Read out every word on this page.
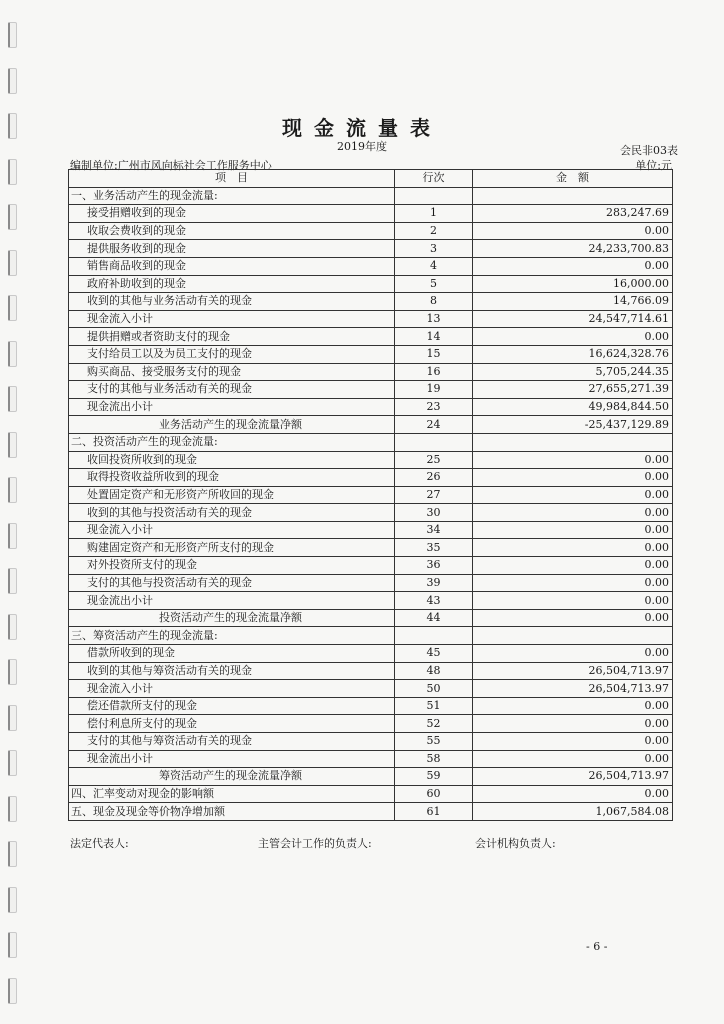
现金流量表
2019年度	会民非03表
编制单位:广州市风向标社会工作服务中心	单位:元
项　目	行次	金　额
一、业务活动产生的现金流量:		
接受捐赠收到的现金	1	283,247.69
收取会费收到的现金	2	0.00
提供服务收到的现金	3	24,233,700.83
销售商品收到的现金	4	0.00
政府补助收到的现金	5	16,000.00
收到的其他与业务活动有关的现金	8	14,766.09
现金流入小计	13	24,547,714.61
提供捐赠或者资助支付的现金	14	0.00
支付给员工以及为员工支付的现金	15	16,624,328.76
购买商品、接受服务支付的现金	16	5,705,244.35
支付的其他与业务活动有关的现金	19	27,655,271.39
现金流出小计	23	49,984,844.50
业务活动产生的现金流量净额	24	-25,437,129.89
二、投资活动产生的现金流量:		
收回投资所收到的现金	25	0.00
取得投资收益所收到的现金	26	0.00
处置固定资产和无形资产所收回的现金	27	0.00
收到的其他与投资活动有关的现金	30	0.00
现金流入小计	34	0.00
购建固定资产和无形资产所支付的现金	35	0.00
对外投资所支付的现金	36	0.00
支付的其他与投资活动有关的现金	39	0.00
现金流出小计	43	0.00
投资活动产生的现金流量净额	44	0.00
三、筹资活动产生的现金流量:		
借款所收到的现金	45	0.00
收到的其他与筹资活动有关的现金	48	26,504,713.97
现金流入小计	50	26,504,713.97
偿还借款所支付的现金	51	0.00
偿付利息所支付的现金	52	0.00
支付的其他与筹资活动有关的现金	55	0.00
现金流出小计	58	0.00
筹资活动产生的现金流量净额	59	26,504,713.97
四、汇率变动对现金的影响额	60	0.00
五、现金及现金等价物净增加额	61	1,067,584.08
法定代表人:	主管会计工作的负责人:	会计机构负责人:
- 6 -
